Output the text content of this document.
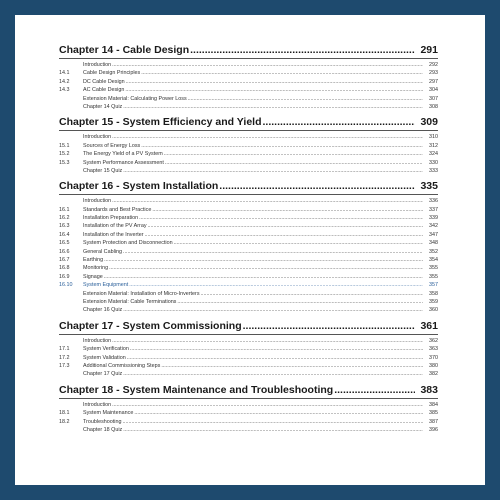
Chapter 14 - Cable Design .....	291
Introduction .....	292
14.1	Cable Design Principles .....	293
14.2	DC Cable Design .....	297
14.3	AC Cable Design .....	304
Extension Material: Calculating Power Loss .....	307
Chapter 14 Quiz .....	308
Chapter 15 - System Efficiency and Yield .....	309
Introduction .....	310
15.1	Sources of Energy Loss .....	312
15.2	The Energy Yield of a PV System .....	324
15.3	System Performance Assessment .....	330
Chapter 15 Quiz .....	333
Chapter 16 - System Installation .....	335
Introduction .....	336
16.1	Standards and Best Practice .....	337
16.2	Installation Preparation .....	339
16.3	Installation of the PV Array .....	342
16.4	Installation of the Inverter .....	347
16.5	System Protection and Disconnection .....	348
16.6	General Cabling .....	352
16.7	Earthing .....	354
16.8	Monitoring .....	355
16.9	Signage .....	355
16.10	System Equipment .....	357
Extension Material: Installation of Micro-Inverters .....	358
Extension Material: Cable Terminations .....	359
Chapter 16 Quiz .....	360
Chapter 17 - System Commissioning .....	361
Introduction .....	362
17.1	System Verification .....	363
17.2	System Validation .....	370
17.3	Additional Commissioning Steps .....	380
Chapter 17 Quiz .....	382
Chapter 18 - System Maintenance and Troubleshooting .....	383
Introduction .....	384
18.1	System Maintenance .....	385
18.2	Troubleshooting .....	387
Chapter 18 Quiz .....	396
